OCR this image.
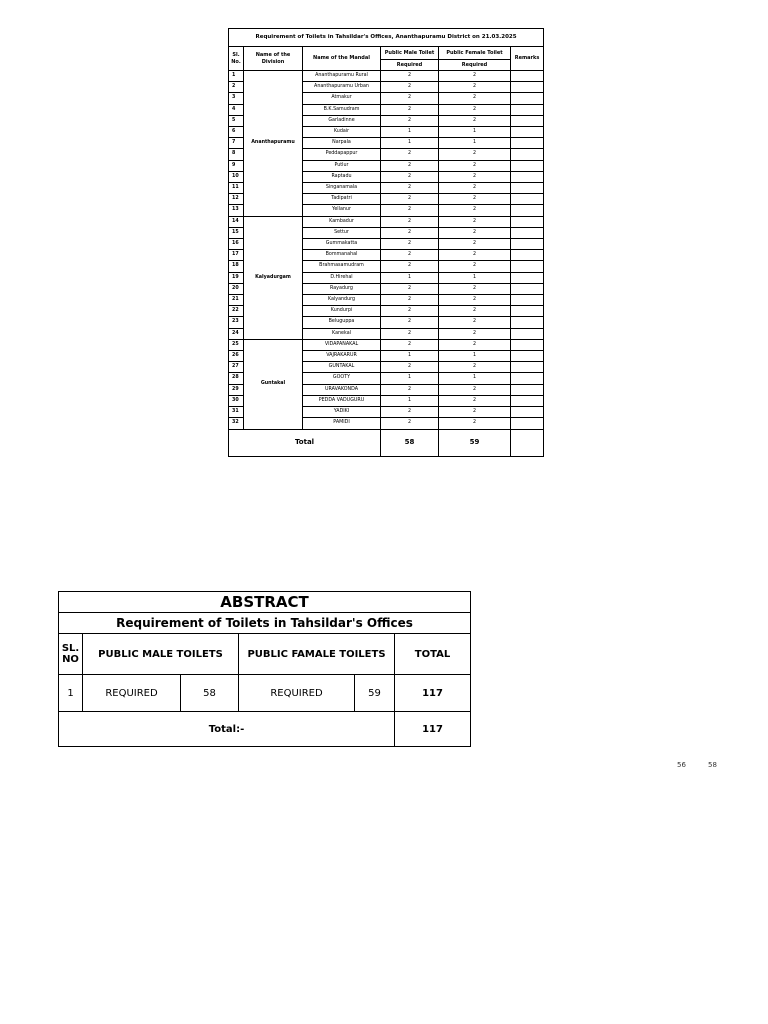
Requirement of Toilets in Tahsildar's Offices, Ananthapuramu District on 21.03.2025					
Sl. No.	Name of the Division	Name of the Mandal	Public Male Toilet	Public Female Toilet	Remarks
			Required	Required	
1	Ananthapuramu	Ananthapuramu Rural	2	2	
2		Ananthapuramu Urban	2	2	
3		Atmakur	2	2	
4		B.K.Samudram	2	2	
5		Garladinne	2	2	
6		Kudair	1	1	
7		Narpala	1	1	
8		Peddapappur	2	2	
9		Putlur	2	2	
10		Raptadu	2	2	
11		Singanamala	2	2	
12		Tadipatri	2	2	
13		Yellanur	2	2	
14	Kalyadurgam	Kambadur	2	2	
15		Settur	2	2	
16		Gummakatta	2	2	
17		Bommanahal	2	2	
18		Brahmasamudram	2	2	
19		D.Hirehal	1	1	
20		Rayadurg	2	2	
21		Kalyandurg	2	2	
22		Kundurpi	2	2	
23		Beluguppa	2	2	
24		Kanekal	2	2	
25	Guntakal	VIDAPANAKAL	2	2	
26		VAJRAKARUR	1	1	
27		GUNTAKAL	2	2	
28		GOOTY	1	1	
29		URAVAKONDA	2	2	
30		PEDDA VADUGURU	1	2	
31		YADIKI	2	2	
32		PAMIDI	2	2	
Total			58	59	
ABSTRACT					
Requirement of Toilets in Tahsildar's Offices					
SL. NO	PUBLIC MALE TOILETS		PUBLIC FAMALE TOILETS		TOTAL
1	REQUIRED	58	REQUIRED	59	117
Total:-					117
56	58
